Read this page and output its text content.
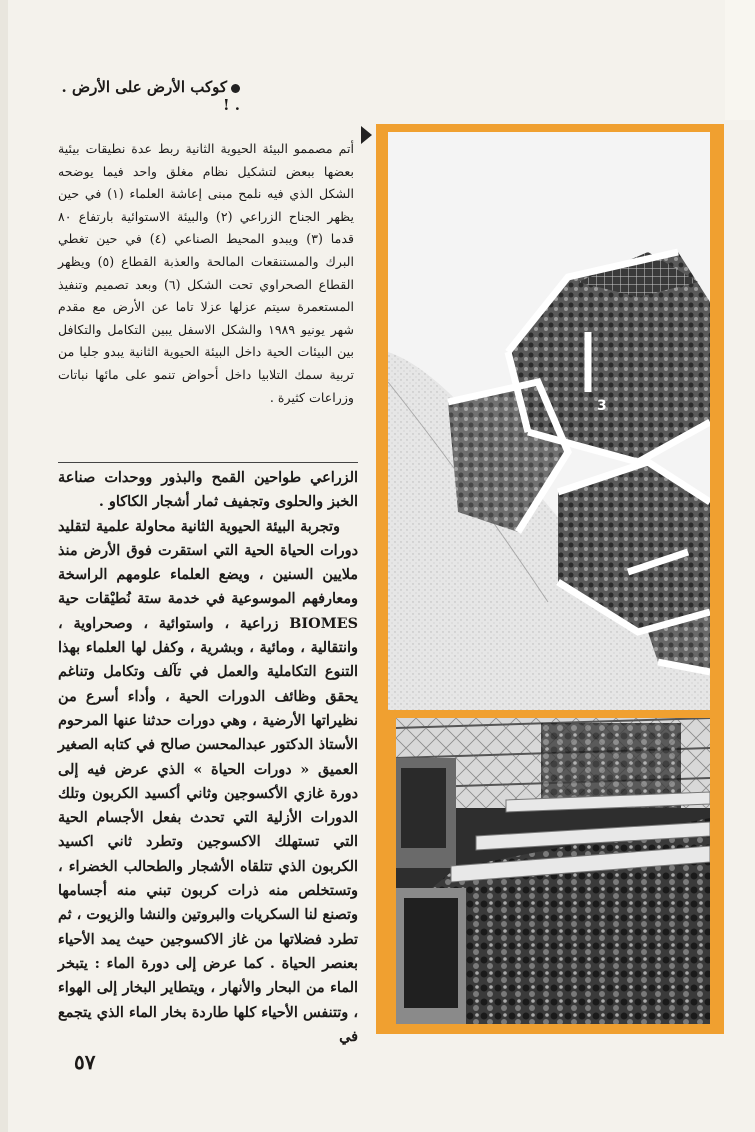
كوكب الأرض على الأرض . . !
أتم مصممو البيئة الحيوية الثانية ربط عدة نطيقات بيئية بعضها ببعض لتشكيل نظام مغلق واحد فيما يوضحه الشكل الذي فيه نلمح مبنى إعاشة العلماء (١) في حين يظهر الجناح الزراعي (٢) والبيئة الاستوائية بارتفاع ٨٠ قدما (٣) ويبدو المحيط الصناعي (٤) في حين تغطي البرك والمستنقعات المالحة والعذبة القطاع (٥) ويظهر القطاع الصحراوي تحت الشكل (٦) وبعد تصميم وتنفيذ المستعمرة سيتم عزلها عزلا تاما عن الأرض مع مقدم شهر يونيو ١٩٨٩ والشكل الاسفل يبين التكامل والتكافل بين البيئات الحية داخل البيئة الحيوية الثانية يبدو جليا من تربية سمك التلابيا داخل أحواض تنمو على مائها نباتات وزراعات كثيرة .

الزراعي طواحين القمح والبذور ووحدات صناعة الخبز والحلوى وتجفيف ثمار أشجار الكاكاو .

وتجربة البيئة الحيوية الثانية محاولة علمية لتقليد دورات الحياة الحية التي استقرت فوق الأرض منذ ملايين السنين ، ويضع العلماء علومهم الراسخة ومعارفهم الموسوعية في خدمة ستة نُطيْقات حية BIOMES زراعية ، واستوائية ، وصحراوية ، وانتقالية ، ومائية ، وبشرية ، وكفل لها العلماء بهذا التنوع التكاملية والعمل في تآلف وتكامل وتناغم يحقق وظائف الدورات الحية ، وأداء أسرع من نظيراتها الأرضية ، وهي دورات حدثنا عنها المرحوم الأستاذ الدكتور عبدالمحسن صالح في كتابه الصغير العميق « دورات الحياة » الذي عرض فيه إلى دورة غازي الأكسوجين وثاني أكسيد الكربون وتلك الدورات الأزلية التي تحدث بفعل الأجسام الحية التي تستهلك الاكسوجين وتطرد ثاني اكسيد الكربون الذي تتلقاه الأشجار والطحالب الخضراء ، وتستخلص منه ذرات كربون تبني منه أجسامها وتصنع لنا السكريات والبروتين والنشا والزيوت ، ثم تطرد فضلاتها من غاز الاكسوجين حيث يمد الأحياء بعنصر الحياة . كما عرض إلى دورة الماء : يتبخر الماء من البحار والأنهار ، ويتطاير البخار إلى الهواء ، وتتنفس الأحياء كلها طاردة بخار الماء الذي يتجمع في

3
٥٧
